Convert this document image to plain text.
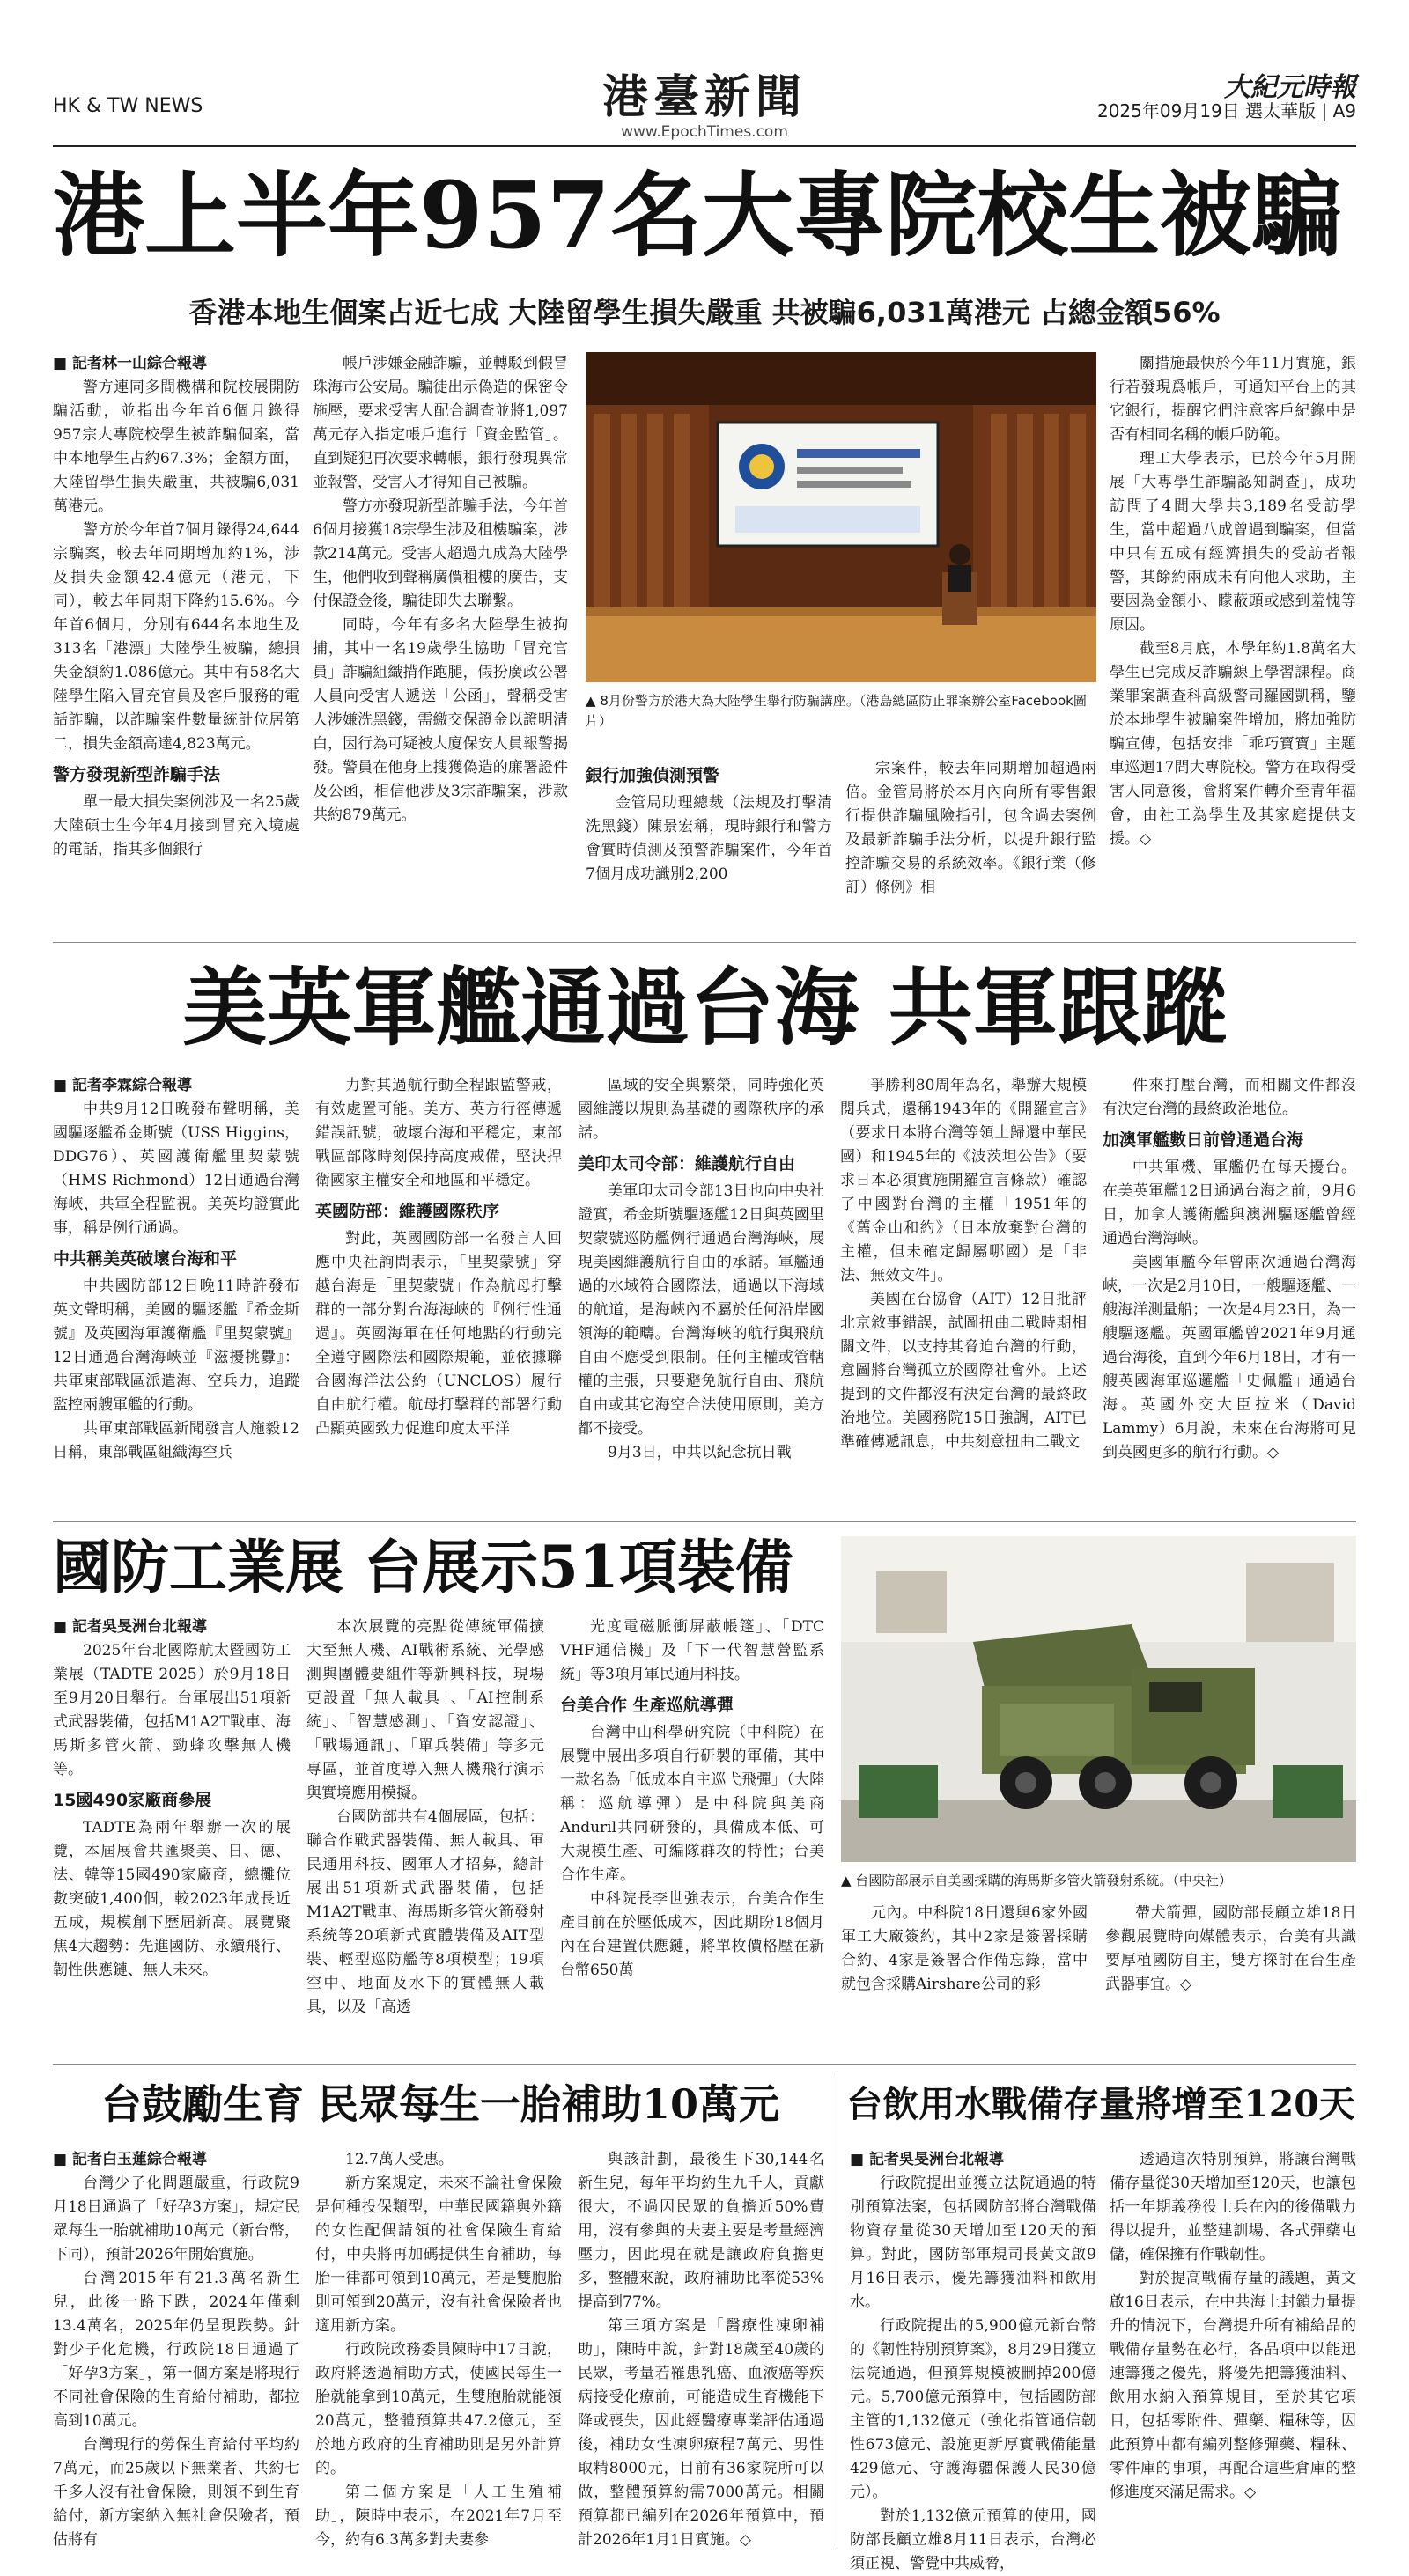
HK & TW NEWS	港臺新聞
www.EpochTimes.com
大紀元時報
2025年09月19日 選太華版 | A9
港上半年957名大專院校生被騙
香港本地生個案占近七成 大陸留學生損失嚴重 共被騙6,031萬港元 占總金額56%

■ 記者林一山綜合報導

警方連同多間機構和院校展開防騙活動，並指出今年首6個月錄得957宗大專院校學生被詐騙個案，當中本地學生占約67.3%；金額方面，大陸留學生損失嚴重，共被騙6,031萬港元。

警方於今年首7個月錄得24,644宗騙案，較去年同期增加約1%，涉及損失金額42.4億元（港元，下同），較去年同期下降約15.6%。今年首6個月，分別有644名本地生及313名「港漂」大陸學生被騙，總損失金額約1.086億元。其中有58名大陸學生陷入冒充官員及客戶服務的電話詐騙，以詐騙案件數量統計位居第二，損失金額高達4,823萬元。

警方發現新型詐騙手法

單一最大損失案例涉及一名25歲大陸碩士生今年4月接到冒充入境處的電話，指其多個銀行

帳戶涉嫌金融詐騙，並轉駁到假冒珠海市公安局。騙徒出示偽造的保密令施壓，要求受害人配合調查並將1,097萬元存入指定帳戶進行「資金監管」。直到疑犯再次要求轉帳，銀行發現異常並報警，受害人才得知自己被騙。

警方亦發現新型詐騙手法，今年首6個月接獲18宗學生涉及租樓騙案，涉款214萬元。受害人超過九成為大陸學生，他們收到聲稱廣價租樓的廣告，支付保證金後，騙徒即失去聯繫。

同時，今年有多名大陸學生被拘捕，其中一名19歲學生協助「冒充官員」詐騙組織揹作跑腿，假扮廣政公署人員向受害人遞送「公函」，聲稱受害人涉嫌洗黑錢，需繳交保證金以證明清白，因行為可疑被大廈保安人員報警揭發。警員在他身上搜獲偽造的廉署證件及公函，相信他涉及3宗詐騙案，涉款共約879萬元。

▲ 8月份警方於港大為大陸學生舉行防騙講座。（港島總區防止罪案辦公室Facebook圖片）
銀行加強偵測預警

金管局助理總裁（法規及打擊清洗黑錢）陳景宏稱，現時銀行和警方會實時偵測及預警詐騙案件，今年首7個月成功識別2,200

宗案件，較去年同期增加超過兩倍。金管局將於本月內向所有零售銀行提供詐騙風險指引，包含過去案例及最新詐騙手法分析，以提升銀行監控詐騙交易的系統效率。《銀行業（修訂）條例》相

關措施最快於今年11月實施，銀行若發現爲帳戶，可通知平台上的其它銀行，提醒它們注意客戶紀錄中是否有相同名稱的帳戶防範。

理工大學表示，已於今年5月開展「大專學生詐騙認知調查」，成功訪問了4間大學共3,189名受訪學生，當中超過八成曾遇到騙案，但當中只有五成有經濟損失的受訪者報警，其餘約兩成未有向他人求助，主要因為金額小、矇蔽頭或感到羞愧等原因。

截至8月底，本學年約1.8萬名大學生已完成反詐騙線上學習課程。商業罪案調查科高級警司羅國凱稱，鑒於本地學生被騙案件增加，將加強防騙宣傳，包括安排「乖巧寶寶」主題車巡迴17間大專院校。警方在取得受害人同意後，會將案件轉介至青年福會，由社工為學生及其家庭提供支援。◇

美英軍艦通過台海 共軍跟蹤

■ 記者李霖綜合報導

中共9月12日晚發布聲明稱，美國驅逐艦希金斯號（USS Higgins，DDG76）、英國護衛艦里契蒙號（HMS Richmond）12日通過台灣海峽，共軍全程監視。美英均證實此事，稱是例行通過。

中共稱美英破壞台海和平

中共國防部12日晚11時許發布英文聲明稱，美國的驅逐艦『希金斯號』及英國海軍護衛艦『里契蒙號』12日通過台灣海峽並『滋擾挑釁』：共軍東部戰區派遣海、空兵力，追蹤監控兩艘軍艦的行動。

共軍東部戰區新聞發言人施毅12日稱，東部戰區組織海空兵

力對其過航行動全程跟監警戒，有效處置可能。美方、英方行徑傳遞錯誤訊號，破壞台海和平穩定，東部戰區部隊時刻保持高度戒備，堅決捍衛國家主權安全和地區和平穩定。

英國防部：維護國際秩序

對此，英國國防部一名發言人回應中央社詢問表示，「里契蒙號」穿越台海是「里契蒙號」作為航母打擊群的一部分對台海海峽的『例行性通過』。英國海軍在任何地點的行動完全遵守國際法和國際規範，並依據聯合國海洋法公約（UNCLOS）履行自由航行權。航母打擊群的部署行動凸顯英國致力促進印度太平洋

區域的安全與繁榮，同時強化英國維護以規則為基礎的國際秩序的承諾。

美印太司令部：維護航行自由

美軍印太司令部13日也向中央社證實，希金斯號驅逐艦12日與英國里契蒙號巡防艦例行通過台灣海峽，展現美國維護航行自由的承諾。軍艦通過的水域符合國際法，通過以下海域的航道，是海峽內不屬於任何沿岸國領海的範疇。台灣海峽的航行與飛航自由不應受到限制。任何主權或管轄權的主張，只要避免航行自由、飛航自由或其它海空合法使用原則，美方都不接受。

9月3日，中共以紀念抗日戰

爭勝利80周年為名，舉辦大規模閱兵式，還稱1943年的《開羅宣言》（要求日本將台灣等領土歸還中華民國）和1945年的《波茨坦公告》（要求日本必須實施開羅宣言條款）確認了中國對台灣的主權「1951年的《舊金山和約》（日本放棄對台灣的主權，但未確定歸屬哪國）是「非法、無效文件」。

美國在台協會（AIT）12日批評北京敘事錯誤，試圖扭曲二戰時期相關文件，以支持其脅迫台灣的行動，意圖將台灣孤立於國際社會外。上述提到的文件都沒有決定台灣的最終政治地位。美國務院15日強調，AIT已準確傳遞訊息，中共刻意扭曲二戰文

件來打壓台灣，而相關文件都沒有決定台灣的最終政治地位。

加澳軍艦數日前曾通過台海

中共軍機、軍艦仍在每天擾台。在美英軍艦12日通過台海之前，9月6日，加拿大護衛艦與澳洲驅逐艦曾經通過台灣海峽。

美國軍艦今年曾兩次通過台灣海峽，一次是2月10日，一艘驅逐艦、一艘海洋測量船；一次是4月23日，為一艘驅逐艦。英國軍艦曾2021年9月通過台海後，直到今年6月18日，才有一艘英國海軍巡邏艦「史佩艦」通過台海。英國外交大臣拉米（David Lammy）6月說，未來在台海將可見到英國更多的航行行動。◇

國防工業展 台展示51項裝備

■ 記者吳旻洲台北報導

2025年台北國際航太暨國防工業展（TADTE 2025）於9月18日至9月20日舉行。台軍展出51項新式武器裝備，包括M1A2T戰車、海馬斯多管火箭、勁蜂攻擊無人機等。

15國490家廠商參展

TADTE為兩年舉辦一次的展覽，本屆展會共匯聚美、日、德、法、韓等15國490家廠商，總攤位數突破1,400個，較2023年成長近五成，規模創下歷屆新高。展覽聚焦4大趨勢：先進國防、永續飛行、韌性供應鏈、無人未來。

本次展覽的亮點從傳統軍備擴大至無人機、AI戰術系統、光學感測與團體要組件等新興科技，現場更設置「無人載具」、「AI控制系統」、「智慧感測」、「資安認證」、「戰場通訊」、「單兵裝備」等多元專區，並首度導入無人機飛行演示與實境應用模擬。

台國防部共有4個展區，包括：聯合作戰武器裝備、無人載具、軍民通用科技、國軍人才招募，總計展出51項新式武器裝備，包括M1A2T戰車、海馬斯多管火箭發射系統等20項新式實體裝備及AIT型裝、輕型巡防艦等8項模型；19項空中、地面及水下的實體無人載具，以及「高透

光度電磁脈衝屏蔽帳篷」、「DTC VHF通信機」及「下一代智慧營監系統」等3項月軍民通用科技。

台美合作 生產巡航導彈

台灣中山科學研究院（中科院）在展覽中展出多項自行研製的軍備，其中一款名為「低成本自主巡弋飛彈」（大陸稱：巡航導彈）是中科院與美商Anduril共同研發的，具備成本低、可大規模生產、可編隊群攻的特性；台美合作生產。

中科院長李世強表示，台美合作生產目前在於壓低成本，因此期盼18個月內在台建置供應鏈，將單枚價格壓在新台幣650萬

▲ 台國防部展示自美國採購的海馬斯多管火箭發射系統。（中央社）

元內。中科院18日還與6家外國軍工大廠簽約，其中2家是簽署採購合約、4家是簽署合作備忘錄，當中就包含採購Airshare公司的彩

帶犬箭彈，國防部長顧立雄18日參觀展覽時向媒體表示，台美有共識要厚植國防自主，雙方探討在台生產武器事宜。◇

台鼓勵生育 民眾每生一胎補助10萬元

■ 記者白玉蓮綜合報導

台灣少子化問題嚴重，行政院9月18日通過了「好孕3方案」，規定民眾每生一胎就補助10萬元（新台幣，下同），預計2026年開始實施。

台灣2015年有21.3萬名新生兒，此後一路下跌，2024年僅剩13.4萬名，2025年仍呈現跌勢。針對少子化危機，行政院18日通過了「好孕3方案」，第一個方案是將現行不同社會保險的生育給付補助，都拉高到10萬元。

台灣現行的勞保生育給付平均約7萬元，而25歲以下無業者、共約七千多人沒有社會保險，則領不到生育給付，新方案納入無社會保險者，預估將有

12.7萬人受惠。

新方案規定，未來不論社會保險是何種投保類型，中華民國籍與外籍的女性配偶請領的社會保險生育給付，中央將再加碼提供生育補助，每胎一律都可領到10萬元，若是雙胞胎則可領到20萬元，沒有社會保險者也適用新方案。

行政院政務委員陳時中17日說，政府將透過補助方式，使國民每生一胎就能拿到10萬元，生雙胞胎就能領20萬元，整體預算共47.2億元，至於地方政府的生育補助則是另外計算的。

第二個方案是「人工生殖補助」，陳時中表示，在2021年7月至今，約有6.3萬多對夫妻參

與該計劃，最後生下30,144名新生兒，每年平均約生九千人，貢獻很大，不過因民眾的負擔近50%費用，沒有參與的夫妻主要是考量經濟壓力，因此現在就是讓政府負擔更多，整體來說，政府補助比率從53%提高到77%。

第三項方案是「醫療性凍卵補助」，陳時中說，針對18歲至40歲的民眾，考量若罹患乳癌、血液癌等疾病接受化療前，可能造成生育機能下降或喪失，因此經醫療專業評估通過後，補助女性凍卵療程7萬元、男性取精8000元，目前有36家院所可以做，整體預算約需7000萬元。相關預算都已編列在2026年預算中，預計2026年1月1日實施。◇

台飲用水戰備存量將增至120天

■ 記者吳旻洲台北報導

行政院提出並獲立法院通過的特別預算法案，包括國防部將台灣戰備物資存量從30天增加至120天的預算。對此，國防部軍規司長黃文啟9月16日表示，優先籌獲油料和飲用水。

行政院提出的5,900億元新台幣的《韌性特別預算案》，8月29日獲立法院通過，但預算規模被刪掉200億元。5,700億元預算中，包括國防部主管的1,132億元（強化指管通信韌性673億元、設施更新厚實戰備能量429億元、守護海疆保護人民30億元）。

對於1,132億元預算的使用，國防部長顧立雄8月11日表示，台灣必須正視、警覺中共威脅，

透過這次特別預算，將讓台灣戰備存量從30天增加至120天，也讓包括一年期義務役士兵在內的後備戰力得以提升，並整建訓場、各式彈藥屯儲，確保擁有作戰韌性。

對於提高戰備存量的議題，黃文啟16日表示，在中共海上封鎖力量提升的情況下，台灣提升所有補給品的戰備存量勢在必行，各品項中以能迅速籌獲之優先，將優先把籌獲油料、飲用水納入預算規目，至於其它項目，包括零附件、彈藥、糧秣等，因此預算中都有編列整修彈藥、糧秣、零件庫的事項，再配合這些倉庫的整修進度來滿足需求。◇
